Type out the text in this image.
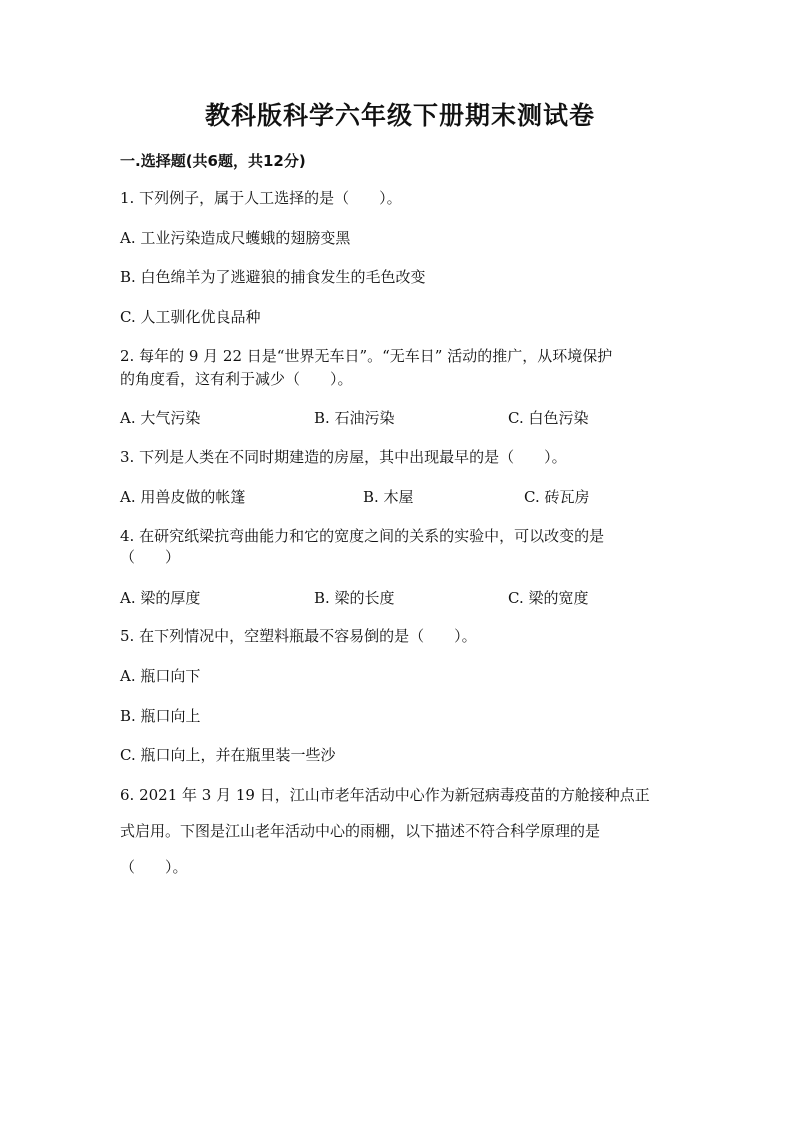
教科版科学六年级下册期末测试卷
一.选择题(共6题，共12分)
1. 下列例子，属于人工选择的是（　　）。
A. 工业污染造成尺蠖蛾的翅膀变黑
B. 白色绵羊为了逃避狼的捕食发生的毛色改变
C. 人工驯化优良品种
2. 每年的 9 月 22 日是“世界无车日”。“无车日” 活动的推广，从环境保护
的角度看，这有利于减少（　　）。
A. 大气污染	B. 石油污染	C. 白色污染
3. 下列是人类在不同时期建造的房屋，其中出现最早的是（　　）。
A. 用兽皮做的帐篷	B. 木屋	C. 砖瓦房
4. 在研究纸梁抗弯曲能力和它的宽度之间的关系的实验中，可以改变的是
（　　）
A. 梁的厚度	B. 梁的长度	C. 梁的宽度
5. 在下列情况中，空塑料瓶最不容易倒的是（　　）。
A. 瓶口向下
B. 瓶口向上
C. 瓶口向上，并在瓶里装一些沙
6. 2021 年 3 月 19 日，江山市老年活动中心作为新冠病毒疫苗的方舱接种点正
式启用。下图是江山老年活动中心的雨棚，以下描述不符合科学原理的是
（　　）。
